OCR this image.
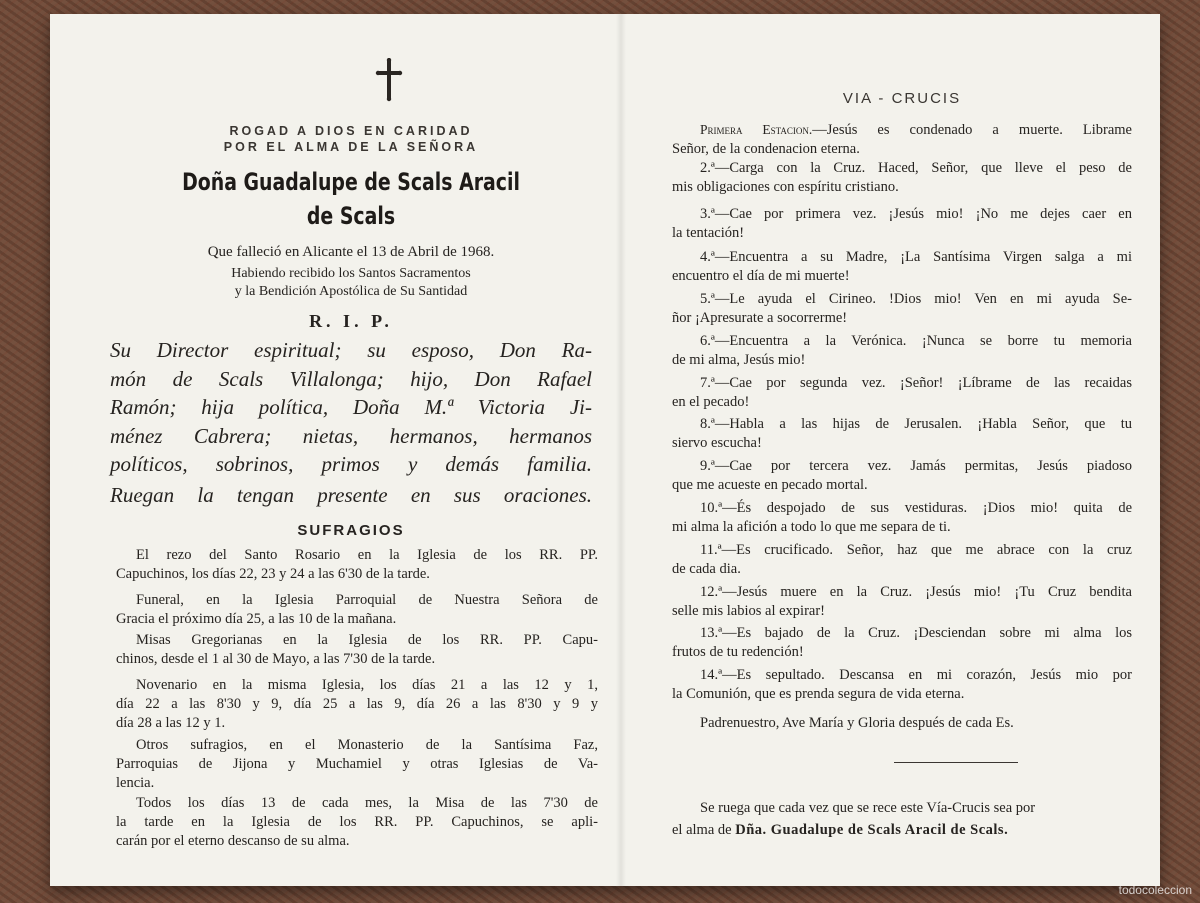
ROGAD A DIOS EN CARIDAD
POR EL ALMA DE LA SEÑORA
Doña Guadalupe de Scals Aracil
de Scals
Que falleció en Alicante el 13 de Abril de 1968.
Habiendo recibido los Santos Sacramentos
y la Bendición Apostólica de Su Santidad
R. I. P.
Su Director espiritual; su esposo, Don Ra-
món de Scals Villalonga; hijo, Don Rafael
Ramón; hija política, Doña M.ª Victoria Ji-
ménez Cabrera; nietas, hermanos, hermanos
políticos, sobrinos, primos y demás familia.
Ruegan la tengan presente en sus oraciones.
SUFRAGIOS
El rezo del Santo Rosario en la Iglesia de los RR. PP.
Capuchinos, los días 22, 23 y 24 a las 6'30 de la tarde.
Funeral, en la Iglesia Parroquial de Nuestra Señora de
Gracia el próximo día 25, a las 10 de la mañana.
Misas Gregorianas en la Iglesia de los RR. PP. Capu-
chinos, desde el 1 al 30 de Mayo, a las 7'30 de la tarde.
Novenario en la misma Iglesia, los días 21 a las 12 y 1,
día 22 a las 8'30 y 9, día 25 a las 9, día 26 a las 8'30 y 9 y
día 28 a las 12 y 1.
Otros sufragios, en el Monasterio de la Santísima Faz,
Parroquias de Jijona y Muchamiel y otras Iglesias de Va-
lencia.
Todos los días 13 de cada mes, la Misa de las 7'30 de
la tarde en la Iglesia de los RR. PP. Capuchinos, se apli-
carán por el eterno descanso de su alma.
VIA - CRUCIS
Primera Estacion.—Jesús es condenado a muerte. Librame
Señor, de la condenacion eterna.
2.ª—Carga con la Cruz. Haced, Señor, que lleve el peso de
mis obligaciones con espíritu cristiano.
3.ª—Cae por primera vez. ¡Jesús mio! ¡No me dejes caer en
la tentación!
4.ª—Encuentra a su Madre, ¡La Santísima Virgen salga a mi
encuentro el día de mi muerte!
5.ª—Le ayuda el Cirineo. !Dios mio! Ven en mi ayuda Se-
ñor ¡Apresurate a socorrerme!
6.ª—Encuentra a la Verónica. ¡Nunca se borre tu memoria
de mi alma, Jesús mio!
7.ª—Cae por segunda vez. ¡Señor! ¡Líbrame de las recaidas
en el pecado!
8.ª—Habla a las hijas de Jerusalen. ¡Habla Señor, que tu
siervo escucha!
9.ª—Cae por tercera vez. Jamás permitas, Jesús piadoso
que me acueste en pecado mortal.
10.ª—És despojado de sus vestiduras. ¡Dios mio! quita de
mi alma la afición a todo lo que me separa de ti.
11.ª—Es crucificado. Señor, haz que me abrace con la cruz
de cada dia.
12.ª—Jesús muere en la Cruz. ¡Jesús mio! ¡Tu Cruz bendita
selle mis labios al expirar!
13.ª—Es bajado de la Cruz. ¡Desciendan sobre mi alma los
frutos de tu redención!
14.ª—Es sepultado. Descansa en mi corazón, Jesús mio por
la Comunión, que es prenda segura de vida eterna.
Padrenuestro, Ave María y Gloria después de cada Es.
Se ruega que cada vez que se rece este Vía-Crucis sea por
el alma de Dña. Guadalupe de Scals Aracil de Scals.
todocoleccion
